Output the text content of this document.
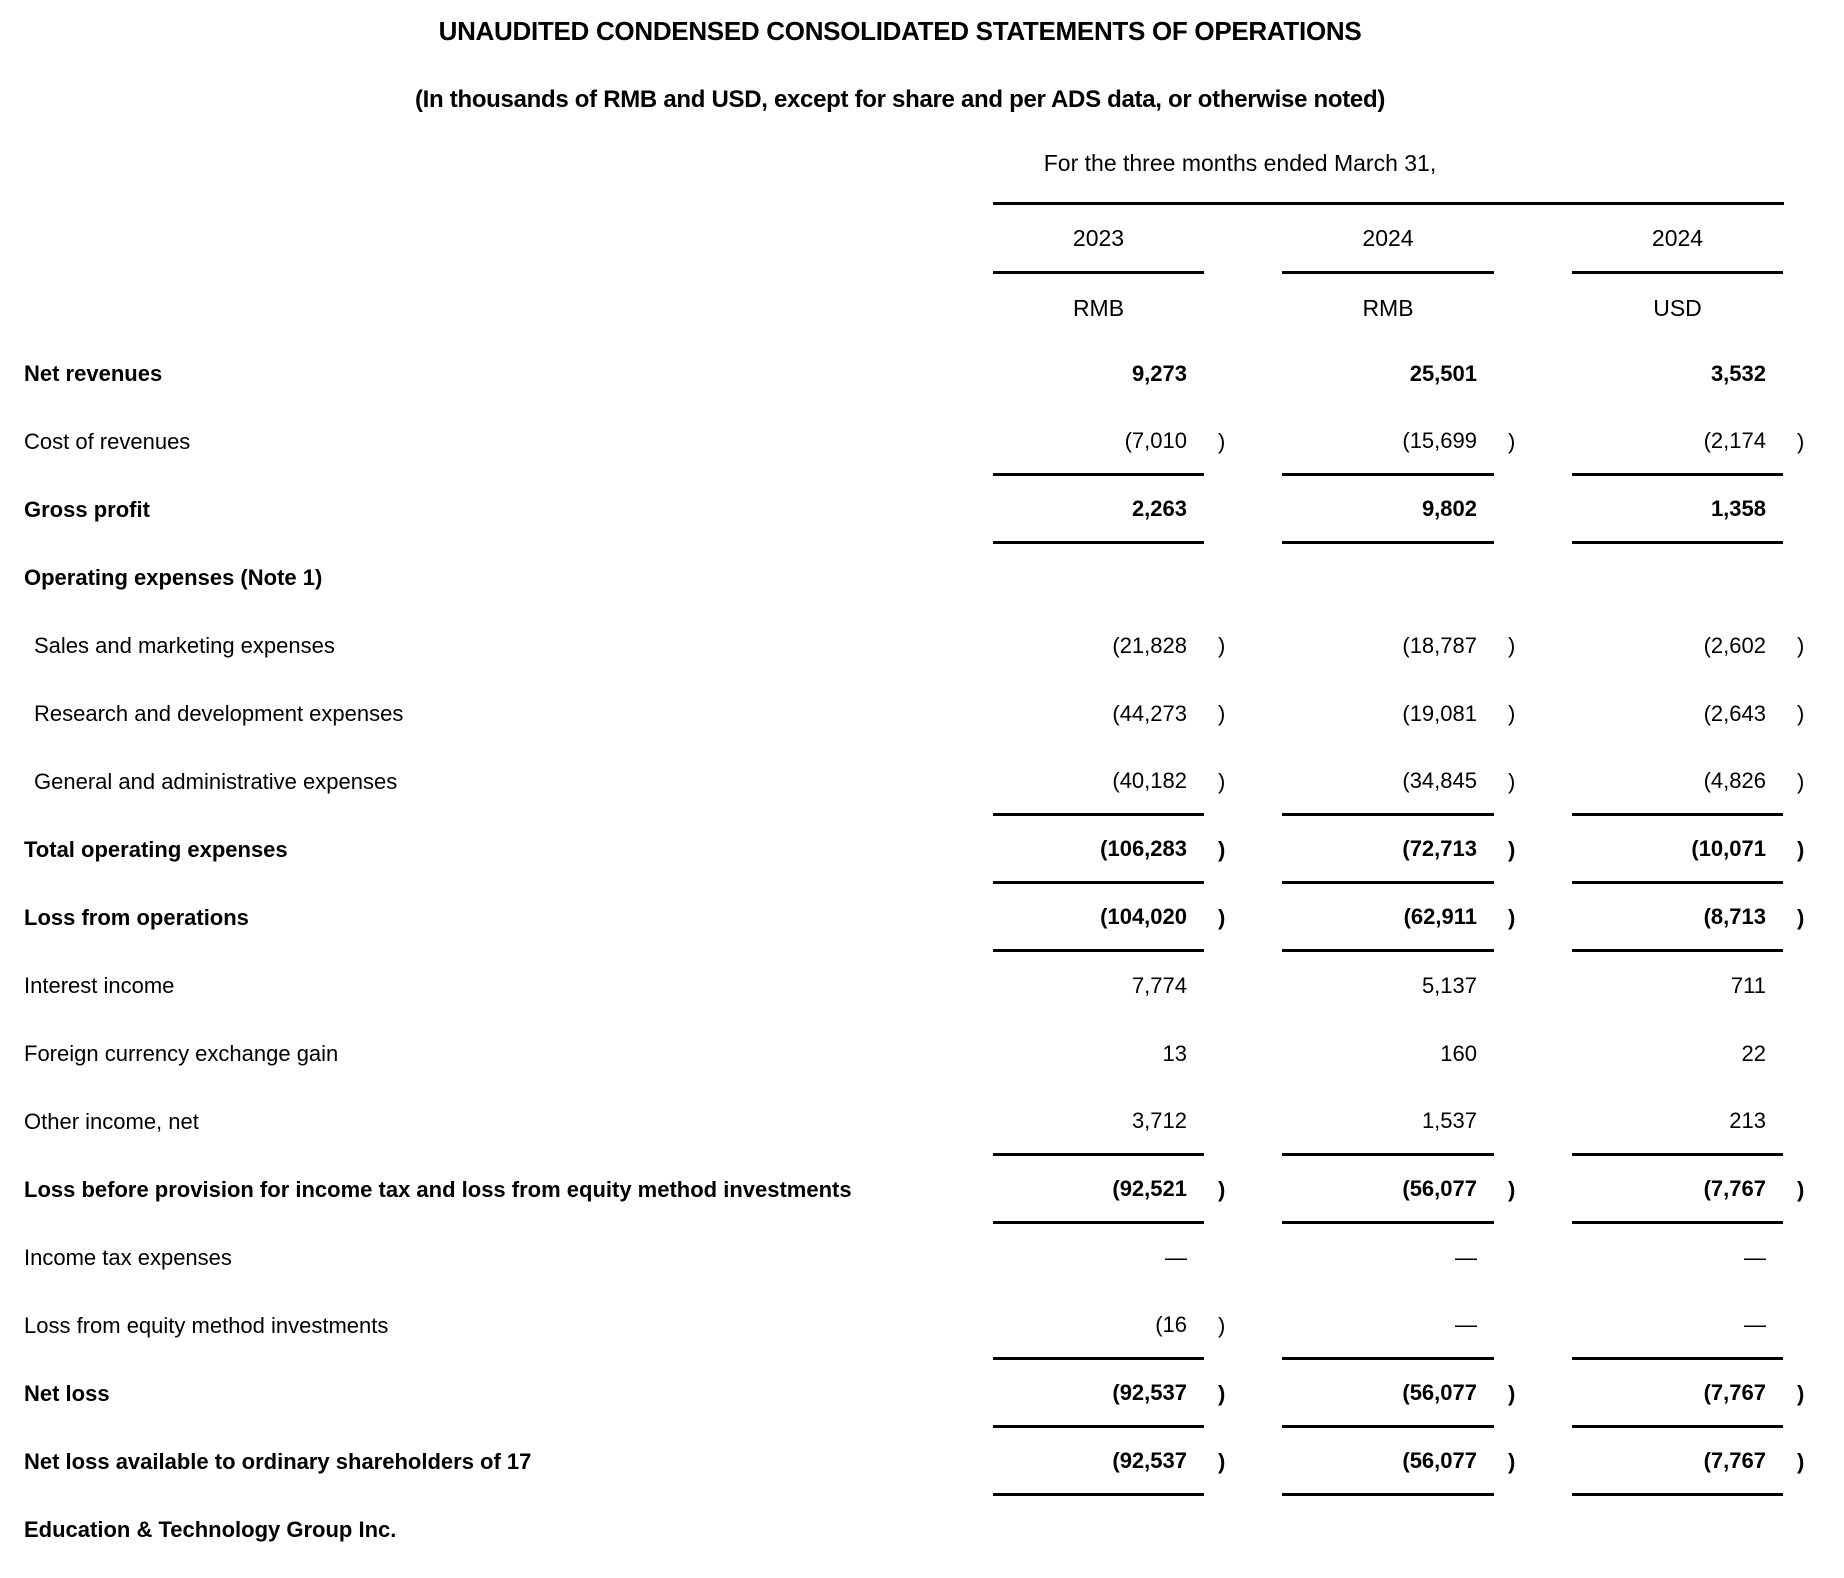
UNAUDITED CONDENSED CONSOLIDATED STATEMENTS OF OPERATIONS
(In thousands of RMB and USD, except for share and per ADS data, or otherwise noted)
For the three months ended March 31,
2023	2024	2024
RMB	RMB	USD
Net revenues	9,273	25,501	3,532
Cost of revenues	(7,010	)	(15,699	)	(2,174	)
Gross profit	2,263	9,802	1,358
Operating expenses (Note 1)
Sales and marketing expenses	(21,828	)	(18,787	)	(2,602	)
Research and development expenses	(44,273	)	(19,081	)	(2,643	)
General and administrative expenses	(40,182	)	(34,845	)	(4,826	)
Total operating expenses	(106,283	)	(72,713	)	(10,071	)
Loss from operations	(104,020	)	(62,911	)	(8,713	)
Interest income	7,774	5,137	711
Foreign currency exchange gain	13	160	22
Other income, net	3,712	1,537	213
Loss before provision for income tax and loss from equity method investments	(92,521	)	(56,077	)	(7,767	)
Income tax expenses	—	—	—
Loss from equity method investments	(16	)	—	—
Net loss	(92,537	)	(56,077	)	(7,767	)
Net loss available to ordinary shareholders of 17	(92,537	)	(56,077	)	(7,767	)
Education & Technology Group Inc.
